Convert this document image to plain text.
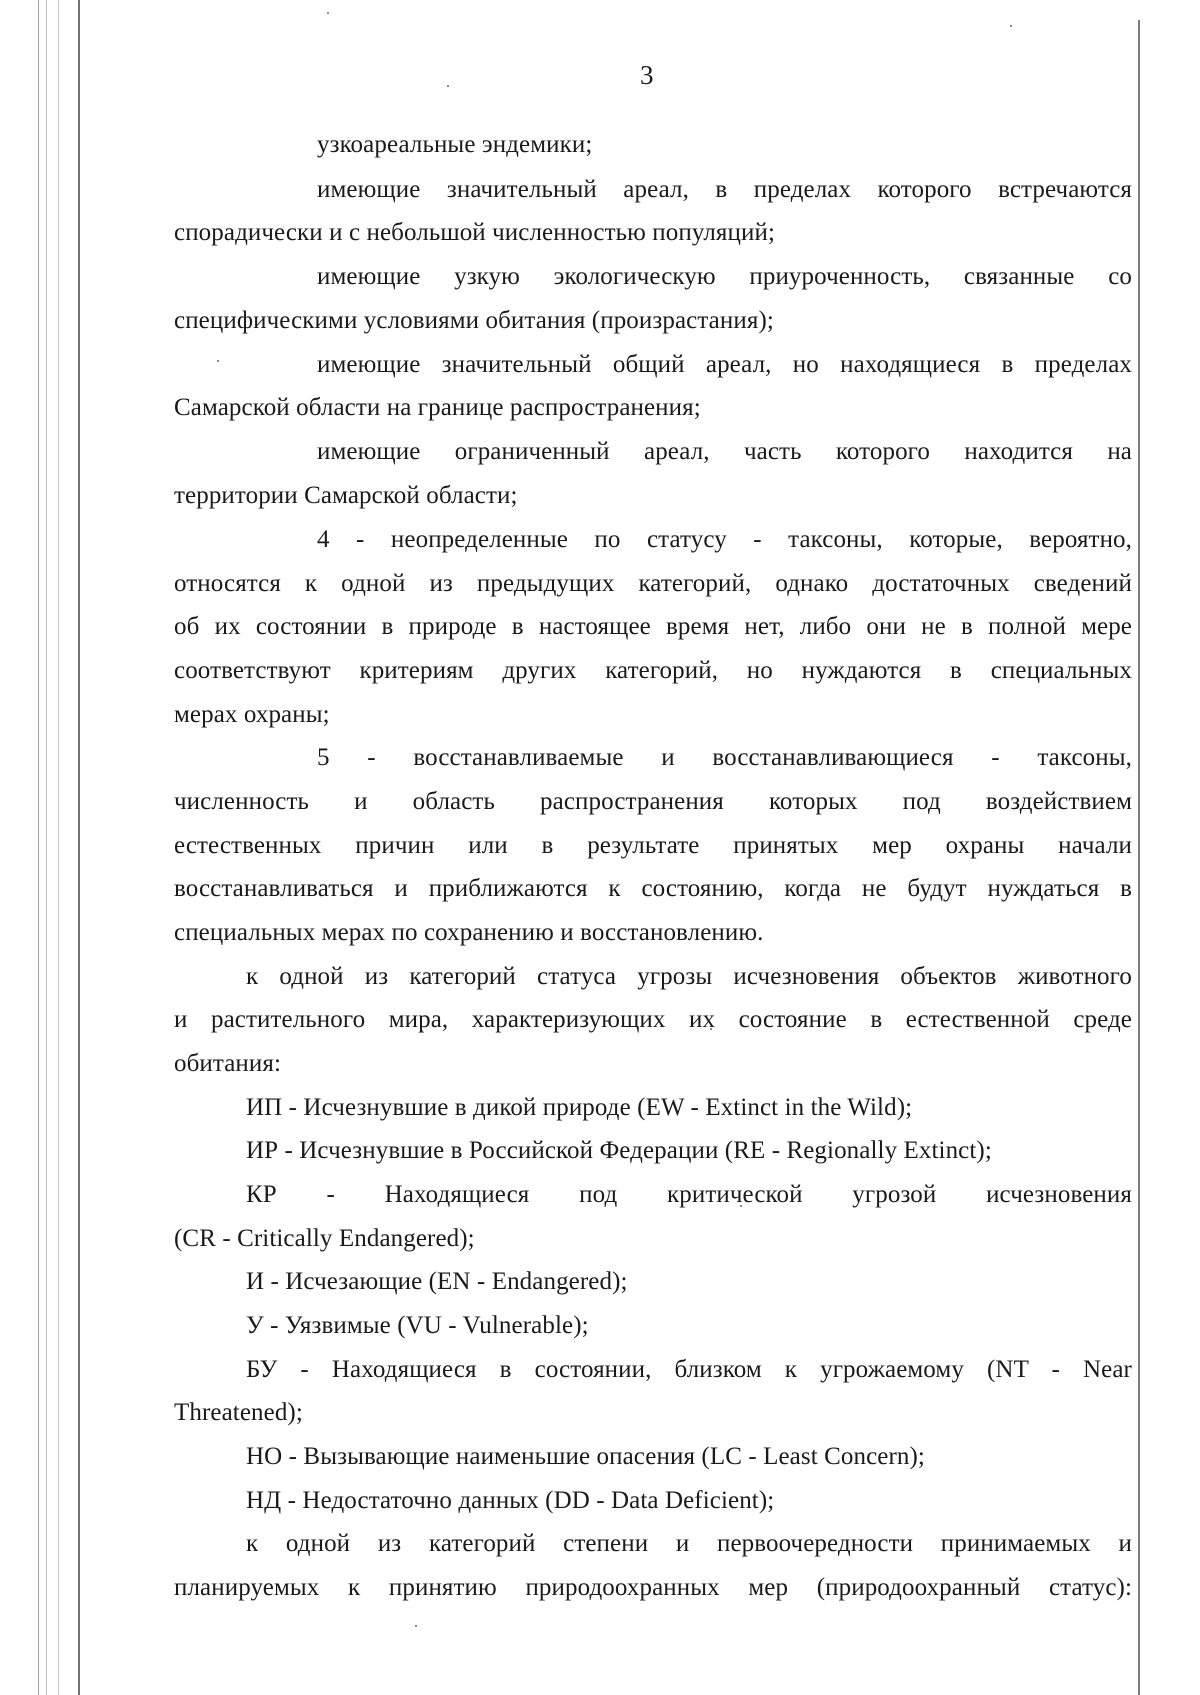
3
узкоареальные эндемики;
имеющие значительный ареал, в пределах которого встречаются
спорадически и с небольшой численностью популяций;
имеющие узкую экологическую приуроченность, связанные со
специфическими условиями обитания (произрастания);
имеющие значительный общий ареал, но находящиеся в пределах
Самарской области на границе распространения;
имеющие ограниченный ареал, часть которого находится на
территории Самарской области;
4 - неопределенные по статусу - таксоны, которые, вероятно,
относятся к одной из предыдущих категорий, однако достаточных сведений
об их состоянии в природе в настоящее время нет, либо они не в полной мере
соответствуют критериям других категорий, но нуждаются в специальных
мерах охраны;
5 - восстанавливаемые и восстанавливающиеся - таксоны,
численность и область распространения которых под воздействием
естественных причин или в результате принятых мер охраны начали
восстанавливаться и приближаются к состоянию, когда не будут нуждаться в
специальных мерах по сохранению и восстановлению.
к одной из категорий статуса угрозы исчезновения объектов животного
и растительного мира, характеризующих их состояние в естественной среде
обитания:
ИП - Исчезнувшие в дикой природе (EW - Extinct in the Wild);
ИР - Исчезнувшие в Российской Федерации (RE - Regionally Extinct);
КР - Находящиеся под критической угрозой исчезновения
(CR - Critically Endangered);
И - Исчезающие (EN - Endangered);
У - Уязвимые (VU - Vulnerable);
БУ - Находящиеся в состоянии, близком к угрожаемому (NT - Near
Threatened);
НО - Вызывающие наименьшие опасения (LC - Least Concern);
НД - Недостаточно данных (DD - Data Deficient);
к одной из категорий степени и первоочередности принимаемых и
планируемых к принятию природоохранных мер (природоохранный статус):
